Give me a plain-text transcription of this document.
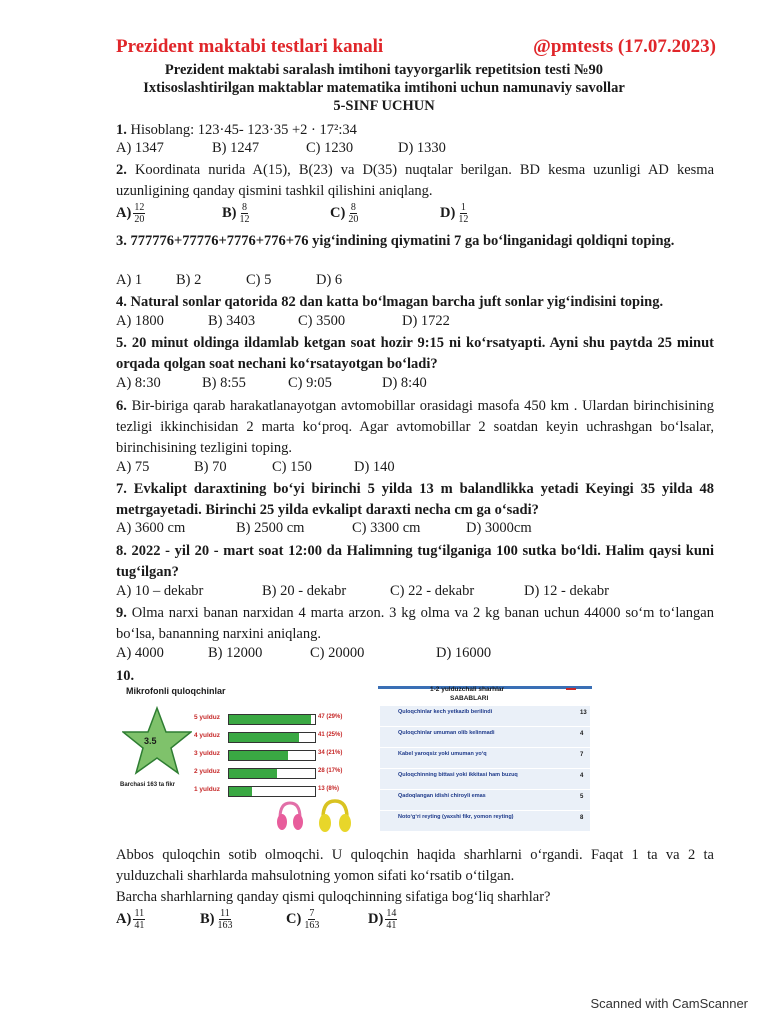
Prezident maktabi testlari kanali	@pmtests (17.07.2023)
Prezident maktabi saralash imtihoni tayyorgarlik repetitsion testi №90
Ixtisoslashtirilgan maktablar matematika imtihoni uchun namunaviy savollar
5-SINF UCHUN
1. Hisoblang: 123·45- 123·35 +2 · 17²:34
A) 1347	B) 1247	C) 1230	D) 1330
2. Koordinata nurida A(15), B(23) va D(35) nuqtalar berilgan. BD kesma uzunligi AD kesma uzunligining qanday qismini tashkil qilishini aniqlang.
$A) \frac{12}{20}$	$B) \frac{8}{12}$	$C) \frac{8}{20}$	$D) \frac{1}{12}$
3. 777776+77776+7776+776+76 yig‘indining qiymatini 7 ga bo‘linganidagi qoldiqni toping.
A) 1 B) 2	C) 5	D) 6
4. Natural sonlar qatorida 82 dan katta bo‘lmagan barcha juft sonlar yig‘indisini toping.
A) 1800	B) 3403	C) 3500	D) 1722
5. 20 minut oldinga ildamlab ketgan soat hozir 9:15 ni ko‘rsatyapti. Ayni shu paytda 25 minut orqada qolgan soat nechani ko‘rsatayotgan bo‘ladi?
A) 8:30	B) 8:55	C) 9:05	D) 8:40
6. Bir-biriga qarab harakatlanayotgan avtomobillar orasidagi masofa 450 km . Ulardan birinchisining tezligi ikkinchisidan 2 marta ko‘proq. Agar avtomobillar 2 soatdan keyin uchrashgan bo‘lsalar, birinchisining tezligini toping.
A) 75	B) 70	C) 150	D) 140
7. Evkalipt daraxtining bo‘yi birinchi 5 yilda 13 m balandlikka yetadi Keyingi 35 yilda 48 metrgayetadi. Birinchi 25 yilda evkalipt daraxti necha cm ga o‘sadi?
A) 3600 cm	B) 2500 cm	C) 3300 cm	D) 3000cm
8. 2022 - yil 20 - mart soat 12:00 da Halimning tug‘ilganiga 100 sutka bo‘ldi. Halim qaysi kuni tug‘ilgan?
A) 10 – dekabr	B) 20 - dekabr	C) 22 - dekabr	D) 12 - dekabr
9. Olma narxi banan narxidan 4 marta arzon. 3 kg olma va 2 kg banan uchun 44000 so‘m to‘langan bo‘lsa, bananning narxini aniqlang.
A) 4000	B) 12000	C) 20000	D) 16000
10.
Mikrofonli quloqchinlar
3.5
Barchasi 163 ta fikr
5 yulduz	47 (29%)
4 yulduz	41 (25%)
3 yulduz	34 (21%)
2 yulduz	28 (17%)
1 yulduz	13 (8%)
1-2 yulduzchali sharhlar
SABABLARI
Quloqchinlar kech yetkazib berilindi	13
Quloqchinlar umuman olib kelinmadi	4
Kabel yaroqsiz yoki umuman yo‘q	7
Quloqchinning bittasi yoki ikkitasi ham buzuq	4
Qadoqlangan idishi chiroyli emas	5
Noto‘g‘ri reyting (yaxshi fikr, yomon reyting)	8
Abbos quloqchin sotib olmoqchi. U quloqchin haqida sharhlarni o‘rgandi. Faqat 1 ta va 2 ta yulduzchali sharhlarda mahsulotning yomon sifati ko‘rsatib o‘tilgan.
Barcha sharhlarning qanday qismi quloqchinning sifatiga bog‘liq sharhlar?
$A) \frac{11}{41}$	$B) \frac{11}{163}$	$C) \frac{7}{163}$	$D) \frac{14}{41}$
Scanned with CamScanner
